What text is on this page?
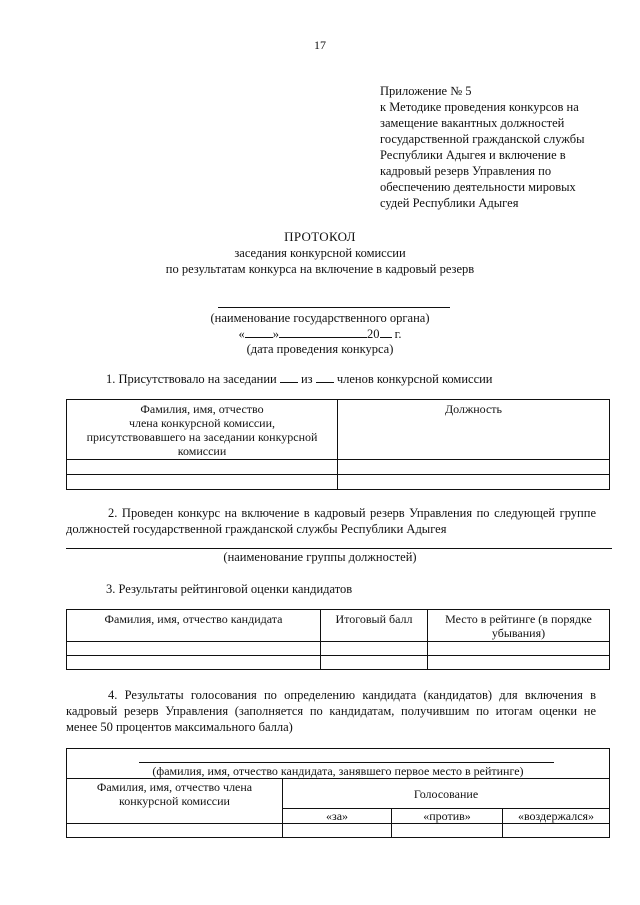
17
Приложение № 5
к Методике проведения конкурсов на
замещение вакантных должностей
государственной гражданской службы
Республики Адыгея и включение в
кадровый резерв Управления по
обеспечению деятельности мировых
судей Республики Адыгея
ПРОТОКОЛ
заседания конкурсной комиссии
по результатам конкурса на включение в кадровый резерв
(наименование государственного органа)
« »	20 г.
(дата проведения конкурса)
1. Присутствовало на заседании  из  членов конкурсной комиссии
Фамилия, имя, отчество
члена конкурсной комиссии,
присутствовавшего на заседании конкурсной
комиссии	Должность

2. Проведен конкурс на включение в кадровый резерв Управления по следующей группе
должностей государственной гражданской службы Республики Адыгея
(наименование группы должностей)
3. Результаты рейтинговой оценки кандидатов
Фамилия, имя, отчество кандидата	Итоговый балл	Место в рейтинге (в порядке
убывания)

4. Результаты голосования по определению кандидата (кандидатов) для включения в
кадровый резерв Управления (заполняется по кандидатам, получившим по итогам оценки не
менее 50 процентов максимального балла)
(фамилия, имя, отчество кандидата, занявшего первое место в рейтинге)			

Фамилия, имя, отчество члена
конкурсной комиссии	Голосование		
	«за»	«против»	«воздержался»
